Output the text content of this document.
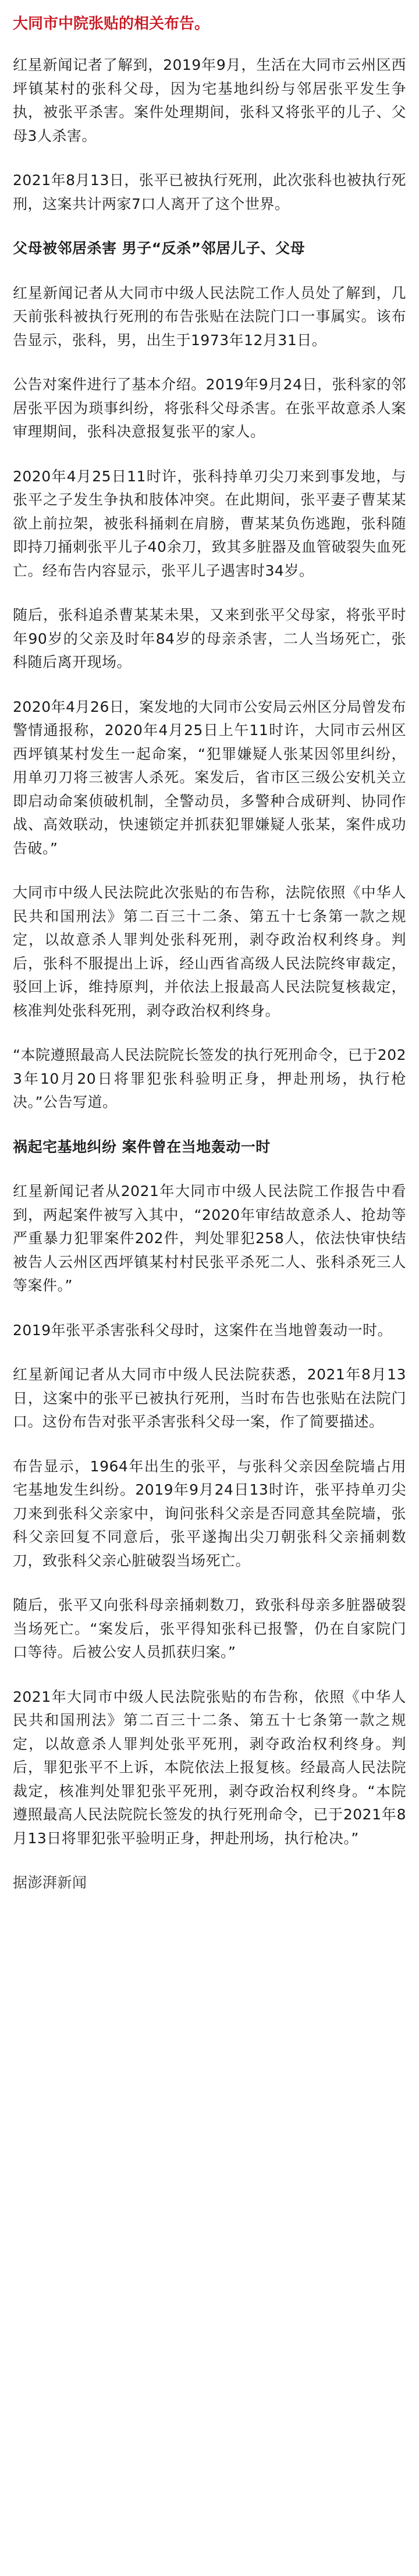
大同市中院张贴的相关布告。
红星新闻记者了解到，2019年9月，生活在大同市云州区西坪镇某村的张科父母，因为宅基地纠纷与邻居张平发生争执，被张平杀害。案件处理期间，张科又将张平的儿子、父母3人杀害。
2021年8月13日，张平已被执行死刑，此次张科也被执行死刑，这案共计两家7口人离开了这个世界。
父母被邻居杀害 男子“反杀”邻居儿子、父母
红星新闻记者从大同市中级人民法院工作人员处了解到，几天前张科被执行死刑的布告张贴在法院门口一事属实。该布告显示，张科，男，出生于1973年12月31日。
公告对案件进行了基本介绍。2019年9月24日，张科家的邻居张平因为琐事纠纷，将张科父母杀害。在张平故意杀人案审理期间，张科决意报复张平的家人。
2020年4月25日11时许，张科持单刃尖刀来到事发地，与张平之子发生争执和肢体冲突。在此期间，张平妻子曹某某欲上前拉架，被张科捅刺在肩膀，曹某某负伤逃跑，张科随即持刀捅刺张平儿子40余刀，致其多脏器及血管破裂失血死亡。经布告内容显示，张平儿子遇害时34岁。
随后，张科追杀曹某某未果，又来到张平父母家，将张平时年90岁的父亲及时年84岁的母亲杀害，二人当场死亡，张科随后离开现场。
2020年4月26日，案发地的大同市公安局云州区分局曾发布警情通报称，2020年4月25日上午11时许，大同市云州区西坪镇某村发生一起命案，“犯罪嫌疑人张某因邻里纠纷，用单刃刀将三被害人杀死。案发后，省市区三级公安机关立即启动命案侦破机制，全警动员，多警种合成研判、协同作战、高效联动，快速锁定并抓获犯罪嫌疑人张某，案件成功告破。”
大同市中级人民法院此次张贴的布告称，法院依照《中华人民共和国刑法》第二百三十二条、第五十七条第一款之规定，以故意杀人罪判处张科死刑，剥夺政治权利终身。判后，张科不服提出上诉，经山西省高级人民法院终审裁定，驳回上诉，维持原判，并依法上报最高人民法院复核裁定，核准判处张科死刑，剥夺政治权利终身。
“本院遵照最高人民法院院长签发的执行死刑命令，已于2023年10月20日将罪犯张科验明正身，押赴刑场，执行枪决。”公告写道。
祸起宅基地纠纷 案件曾在当地轰动一时
红星新闻记者从2021年大同市中级人民法院工作报告中看到，两起案件被写入其中，“2020年审结故意杀人、抢劫等严重暴力犯罪案件202件，判处罪犯258人，依法快审快结被告人云州区西坪镇某村村民张平杀死二人、张科杀死三人等案件。”
2019年张平杀害张科父母时，这案件在当地曾轰动一时。
红星新闻记者从大同市中级人民法院获悉，2021年8月13日，这案中的张平已被执行死刑，当时布告也张贴在法院门口。这份布告对张平杀害张科父母一案，作了简要描述。
布告显示，1964年出生的张平，与张科父亲因垒院墙占用宅基地发生纠纷。2019年9月24日13时许，张平持单刃尖刀来到张科父亲家中，询问张科父亲是否同意其垒院墙，张科父亲回复不同意后，张平遂掏出尖刀朝张科父亲捅刺数刀，致张科父亲心脏破裂当场死亡。
随后，张平又向张科母亲捅刺数刀，致张科母亲多脏器破裂当场死亡。“案发后，张平得知张科已报警，仍在自家院门口等待。后被公安人员抓获归案。”
2021年大同市中级人民法院张贴的布告称，依照《中华人民共和国刑法》第二百三十二条、第五十七条第一款之规定，以故意杀人罪判处张平死刑，剥夺政治权利终身。判后，罪犯张平不上诉，本院依法上报复核。经最高人民法院裁定，核准判处罪犯张平死刑，剥夺政治权利终身。“本院遵照最高人民法院院长签发的执行死刑命令，已于2021年8月13日将罪犯张平验明正身，押赴刑场，执行枪决。”
据澎湃新闻
